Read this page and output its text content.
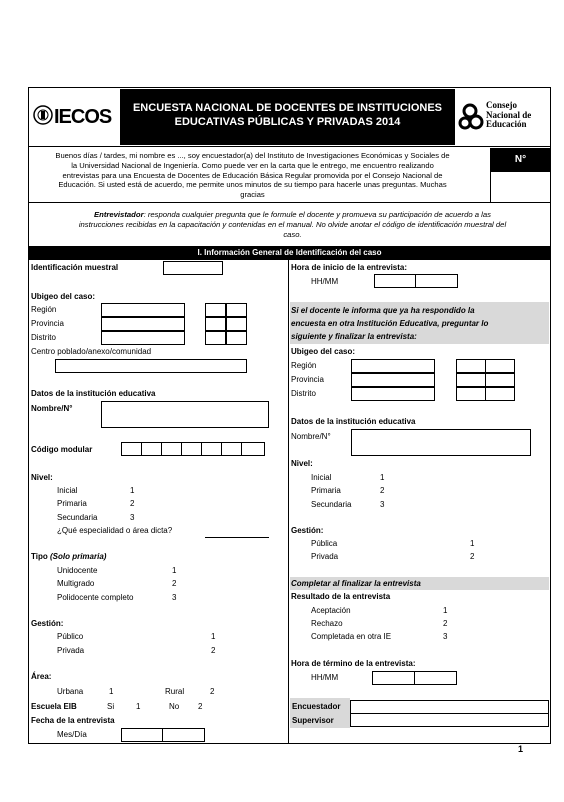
IECOS	ENCUESTA NACIONAL DE DOCENTES DE INSTITUCIONES
EDUCATIVAS PÚBLICAS Y PRIVADAS 2014
Consejo
Nacional de
Educación
Buenos días / tardes, mi nombre es ..., soy encuestador(a) del Instituto de Investigaciones Económicas y Sociales de
la Universidad Nacional de Ingeniería. Como puede ver en la carta que le entrego, me encuentro realizando
entrevistas para una Encuesta de Docentes de Educación Básica Regular promovida por el Consejo Nacional de
Educación. Si usted está de acuerdo, me permite unos minutos de su tiempo para hacerle unas preguntas. Muchas
gracias
N°
Entrevistador: responda cualquier pregunta que le formule el docente y promueva su participación de acuerdo a las
instrucciones recibidas en la capacitación y contenidas en el manual. No olvide anotar el código de identificación muestral del
caso.
I. Información General de Identificación del caso
Identificación muestral
Ubigeo del caso:
Región
Provincia
Distrito
Centro poblado/anexo/comunidad
Datos de la institución educativa
Nombre/N°
Código modular
Nivel:
Inicial	1
Primaria	2
Secundaria	3
¿Qué especialidad o área dicta?
Tipo (Solo primaria)
Unidocente	1
Multigrado	2
Polidocente completo	3
Gestión:
Público	1
Privada	2
Área:
Urbana	1	Rural	2
Escuela EIB	Si	1	No 2
Fecha de la entrevista
Mes/Día
Hora de inicio de la entrevista:
HH/MM
Si el docente le informa que ya ha respondido la
encuesta en otra Institución Educativa, preguntar lo
siguiente y finalizar la entrevista:
Ubigeo del caso:
Región
Provincia
Distrito
Datos de la institución educativa
Nombre/N°
Nivel:
Inicial	1
Primaria	2
Secundaria	3
Gestión:
Pública	1
Privada	2
Completar al finalizar la entrevista
Resultado de la entrevista
Aceptación	1
Rechazo	2
Completada en otra IE	3
Hora de término de la entrevista:
HH/MM
Encuestador
Supervisor
1
